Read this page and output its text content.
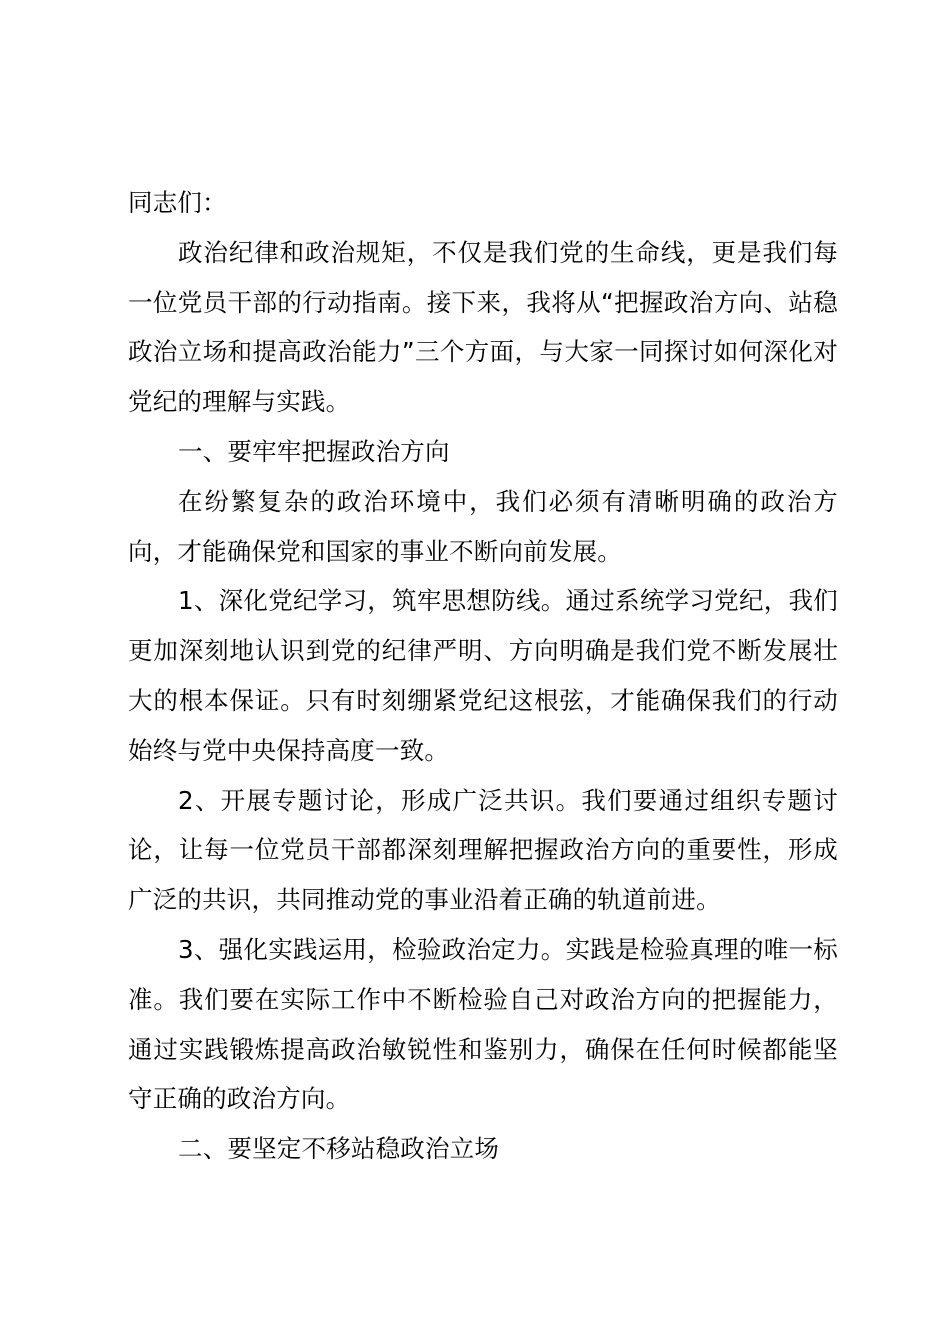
同志们：

政治纪律和政治规矩，不仅是我们党的生命线，更是我们每一位党员干部的行动指南。接下来，我将从“把握政治方向、站稳政治立场和提高政治能力”三个方面，与大家一同探讨如何深化对党纪的理解与实践。

一、要牢牢把握政治方向

在纷繁复杂的政治环境中，我们必须有清晰明确的政治方向，才能确保党和国家的事业不断向前发展。

1、深化党纪学习，筑牢思想防线。通过系统学习党纪，我们更加深刻地认识到党的纪律严明、方向明确是我们党不断发展壮大的根本保证。只有时刻绷紧党纪这根弦，才能确保我们的行动始终与党中央保持高度一致。

2、开展专题讨论，形成广泛共识。我们要通过组织专题讨论，让每一位党员干部都深刻理解把握政治方向的重要性，形成广泛的共识，共同推动党的事业沿着正确的轨道前进。

3、强化实践运用，检验政治定力。实践是检验真理的唯一标准。我们要在实际工作中不断检验自己对政治方向的把握能力，通过实践锻炼提高政治敏锐性和鉴别力，确保在任何时候都能坚守正确的政治方向。

二、要坚定不移站稳政治立场
